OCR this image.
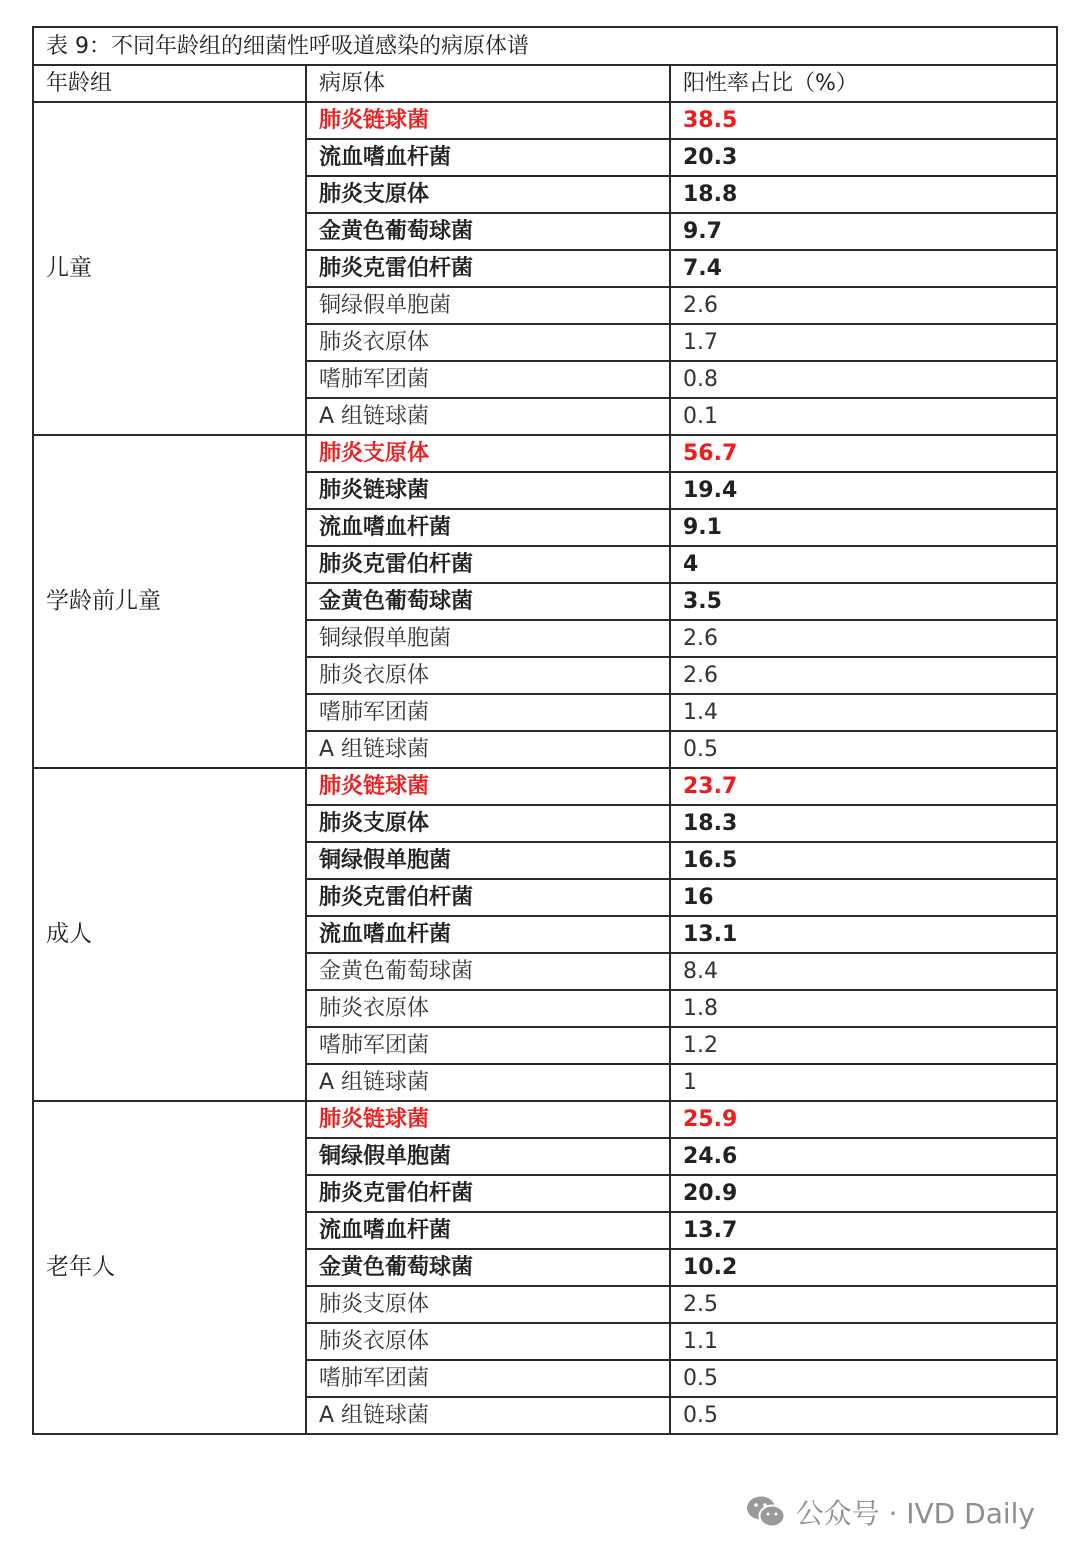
表 9：不同年龄组的细菌性呼吸道感染的病原体谱		
年龄组	病原体	阳性率占比（%）
儿童	肺炎链球菌	38.5
	流血嗜血杆菌	20.3
	肺炎支原体	18.8
	金黄色葡萄球菌	9.7
	肺炎克雷伯杆菌	7.4
	铜绿假单胞菌	2.6
	肺炎衣原体	1.7
	嗜肺军团菌	0.8
	A 组链球菌	0.1
学龄前儿童	肺炎支原体	56.7
	肺炎链球菌	19.4
	流血嗜血杆菌	9.1
	肺炎克雷伯杆菌	4
	金黄色葡萄球菌	3.5
	铜绿假单胞菌	2.6
	肺炎衣原体	2.6
	嗜肺军团菌	1.4
	A 组链球菌	0.5
成人	肺炎链球菌	23.7
	肺炎支原体	18.3
	铜绿假单胞菌	16.5
	肺炎克雷伯杆菌	16
	流血嗜血杆菌	13.1
	金黄色葡萄球菌	8.4
	肺炎衣原体	1.8
	嗜肺军团菌	1.2
	A 组链球菌	1
老年人	肺炎链球菌	25.9
	铜绿假单胞菌	24.6
	肺炎克雷伯杆菌	20.9
	流血嗜血杆菌	13.7
	金黄色葡萄球菌	10.2
	肺炎支原体	2.5
	肺炎衣原体	1.1
	嗜肺军团菌	0.5
	A 组链球菌	0.5
公众号 · IVD Daily
